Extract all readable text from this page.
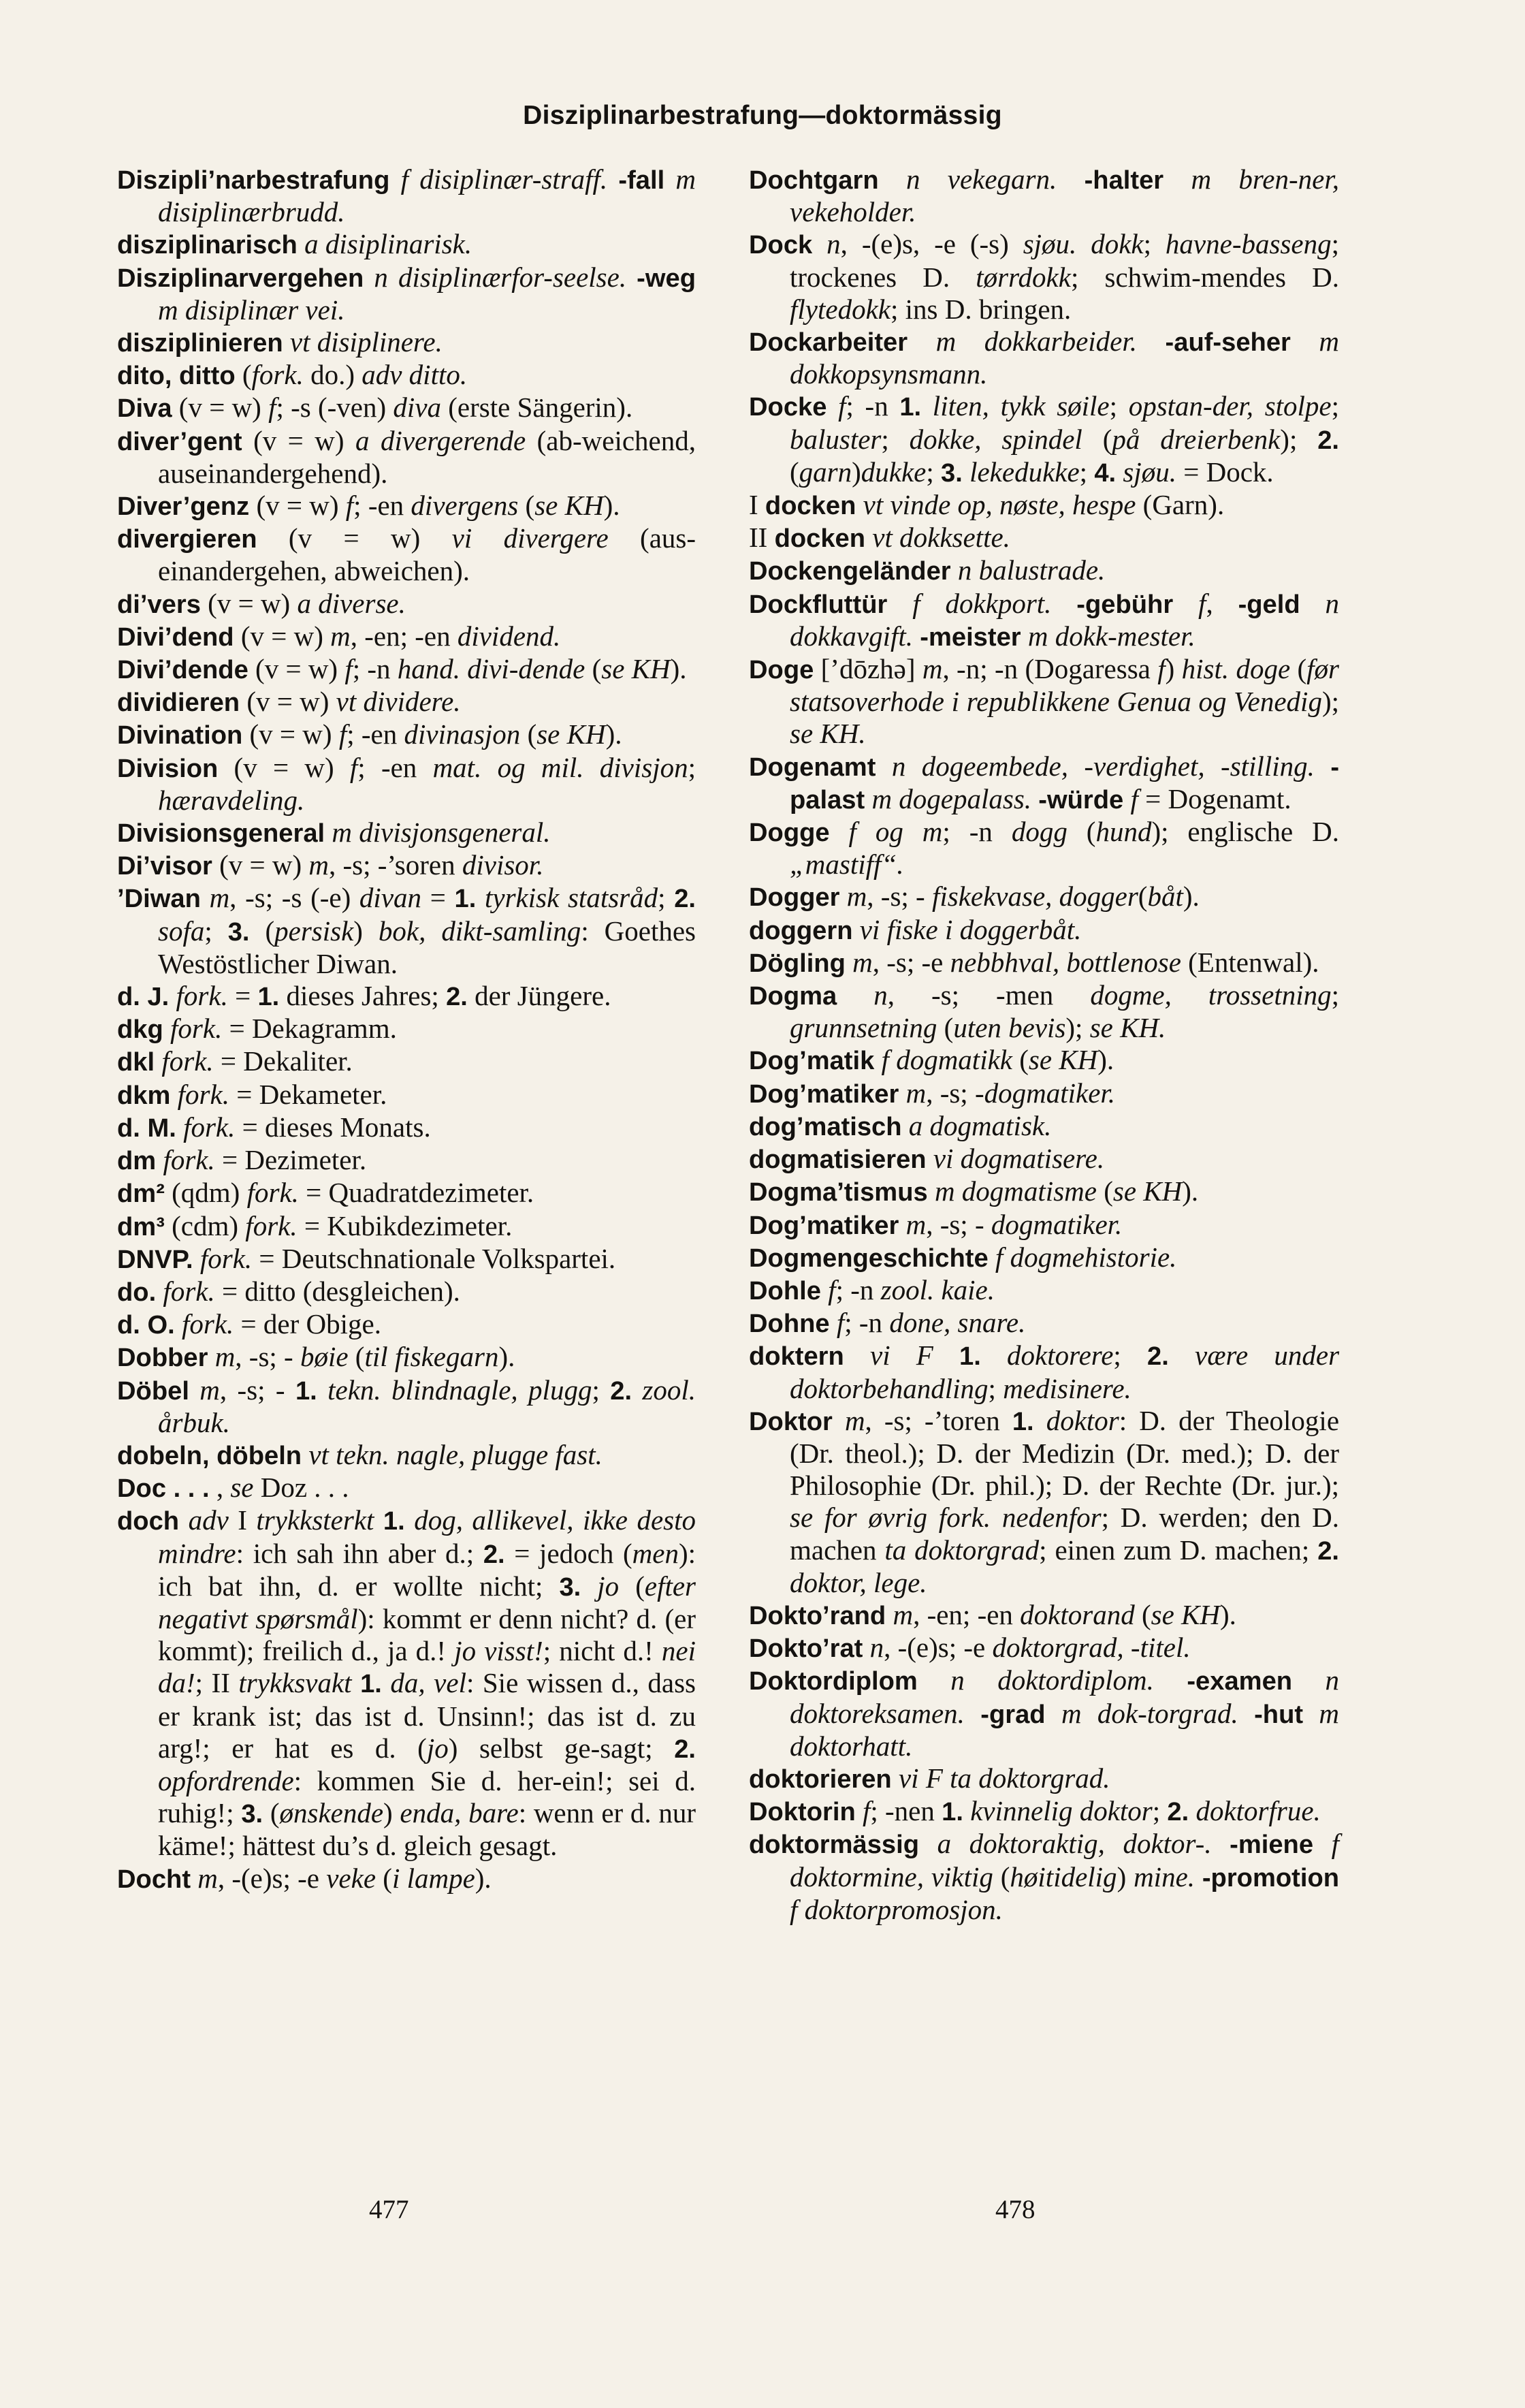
Disziplinarbestrafung—doktormässig

Diszipli’narbestrafung f disiplinær-straff. -fall m disiplinærbrudd.

disziplinarisch a disiplinarisk.

Disziplinarvergehen n disiplinærfor-seelse. -weg m disiplinær vei.

disziplinieren vt disiplinere.

dito, ditto (fork. do.) adv ditto.

Diva (v = w) f; -s (-ven) diva (erste Sängerin).

diver’gent (v = w) a divergerende (ab-weichend, auseinandergehend).

Diver’genz (v = w) f; -en divergens (se KH).

divergieren (v = w) vi divergere (aus-einandergehen, abweichen).

di’vers (v = w) a diverse.

Divi’dend (v = w) m, -en; -en dividend.

Divi’dende (v = w) f; -n hand. divi-dende (se KH).

dividieren (v = w) vt dividere.

Divination (v = w) f; -en divinasjon (se KH).

Division (v = w) f; -en mat. og mil. divisjon; hæravdeling.

Divisionsgeneral m divisjonsgeneral.

Di’visor (v = w) m, -s; -’soren divisor.

’Diwan m, -s; -s (-e) divan = 1. tyrkisk statsråd; 2. sofa; 3. (persisk) bok, dikt-samling: Goethes Westöstlicher Diwan.

d. J. fork. = 1. dieses Jahres; 2. der Jüngere.

dkg fork. = Dekagramm.

dkl fork. = Dekaliter.

dkm fork. = Dekameter.

d. M. fork. = dieses Monats.

dm fork. = Dezimeter.

dm² (qdm) fork. = Quadratdezimeter.

dm³ (cdm) fork. = Kubikdezimeter.

DNVP. fork. = Deutschnationale Volkspartei.

do. fork. = ditto (desgleichen).

d. O. fork. = der Obige.

Dobber m, -s; - bøie (til fiskegarn).

Döbel m, -s; - 1. tekn. blindnagle, plugg; 2. zool. årbuk.

dobeln, döbeln vt tekn. nagle, plugge fast.

Doc . . . , se Doz . . .

doch adv I trykksterkt 1. dog, allikevel, ikke desto mindre: ich sah ihn aber d.; 2. = jedoch (men): ich bat ihn, d. er wollte nicht; 3. jo (efter negativt spørsmål): kommt er denn nicht? d. (er kommt); freilich d., ja d.! jo visst!; nicht d.! nei da!; II trykksvakt 1. da, vel: Sie wissen d., dass er krank ist; das ist d. Unsinn!; das ist d. zu arg!; er hat es d. (jo) selbst ge-sagt; 2. opfordrende: kommen Sie d. her-ein!; sei d. ruhig!; 3. (ønskende) enda, bare: wenn er d. nur käme!; hättest du’s d. gleich gesagt.

Docht m, -(e)s; -e veke (i lampe).

Dochtgarn n vekegarn. -halter m bren-ner, vekeholder.

Dock n, -(e)s, -e (-s) sjøu. dokk; havne-basseng; trockenes D. tørrdokk; schwim-mendes D. flytedokk; ins D. bringen.

Dockarbeiter m dokkarbeider. -auf-seher m dokkopsynsmann.

Docke f; -n 1. liten, tykk søile; opstan-der, stolpe; baluster; dokke, spindel (på dreierbenk); 2. (garn)dukke; 3. lekedukke; 4. sjøu. = Dock.

I docken vt vinde op, nøste, hespe (Garn).

II docken vt dokksette.

Dockengeländer n balustrade.

Dockfluttür f dokkport. -gebühr f, -geld n dokkavgift. -meister m dokk-mester.

Doge [’dōzhə] m, -n; -n (Dogaressa f) hist. doge (før statsoverhode i republikkene Genua og Venedig); se KH.

Dogenamt n dogeembede, -verdighet, -stilling. -palast m dogepalass. -würde f = Dogenamt.

Dogge f og m; -n dogg (hund); englische D. „mastiff“.

Dogger m, -s; - fiskekvase, dogger(båt).

doggern vi fiske i doggerbåt.

Dögling m, -s; -e nebbhval, bottlenose (Entenwal).

Dogma n, -s; -men dogme, trossetning; grunnsetning (uten bevis); se KH.

Dog’matik f dogmatikk (se KH).

Dog’matiker m, -s; -dogmatiker.

dog’matisch a dogmatisk.

dogmatisieren vi dogmatisere.

Dogma’tismus m dogmatisme (se KH).

Dog’matiker m, -s; - dogmatiker.

Dogmengeschichte f dogmehistorie.

Dohle f; -n zool. kaie.

Dohne f; -n done, snare.

doktern vi F 1. doktorere; 2. være under doktorbehandling; medisinere.

Doktor m, -s; -’toren 1. doktor: D. der Theologie (Dr. theol.); D. der Medizin (Dr. med.); D. der Philosophie (Dr. phil.); D. der Rechte (Dr. jur.); se for øvrig fork. nedenfor; D. werden; den D. machen ta doktorgrad; einen zum D. machen; 2. doktor, lege.

Dokto’rand m, -en; -en doktorand (se KH).

Dokto’rat n, -(e)s; -e doktorgrad, -titel.

Doktordiplom n doktordiplom. -examen n doktoreksamen. -grad m dok-torgrad. -hut m doktorhatt.

doktorieren vi F ta doktorgrad.

Doktorin f; -nen 1. kvinnelig doktor; 2. doktorfrue.

doktormässig a doktoraktig, doktor-. -miene f doktormine, viktig (høitidelig) mine. -promotion f doktorpromosjon.

477	478
